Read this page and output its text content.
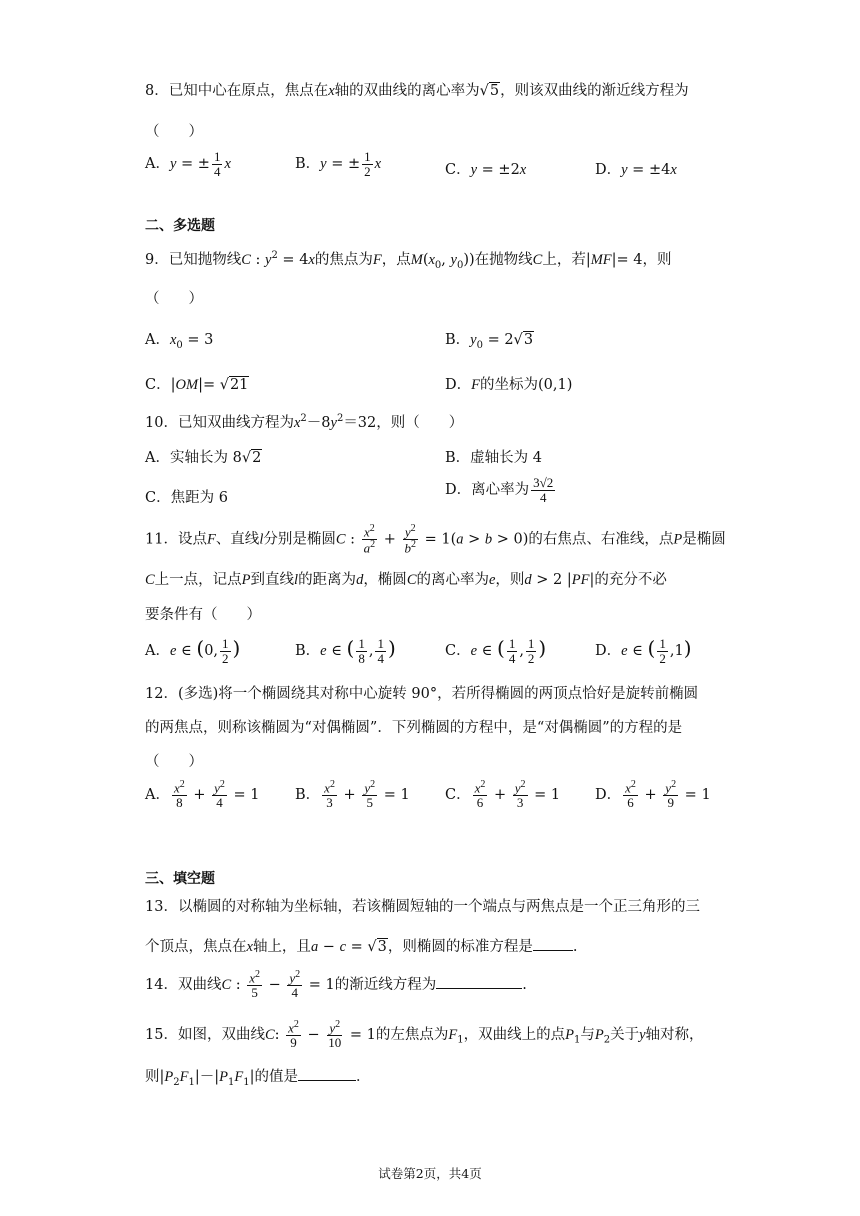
8．已知中心在原点，焦点在x轴的双曲线的离心率为√5，则该双曲线的渐近线方程为
（　　）
A．y = ± $\frac{1}{4}$ x	B．y = ± $\frac{1}{2}$ x	C．y = ±2x	D．y = ±4x
二、多选题
9．已知抛物线C : $y^2 = 4x$的焦点为F，点$M(x_0$, $y_0$))在抛物线C上，若|MF|= 4，则
（　　）
A．$x_0 = 3$	B．$y_0 = 2√3$
C．|OM|= √21	D．F的坐标为(0,1)
10．已知双曲线方程为$x^2-8y^2=32$，则（　　）
A．实轴长为 8√2	B．虚轴长为 4
C．焦距为 6	D．离心率为 $\frac{3√2}{4}$
11．设点F、直线l分别是椭圆C : $\frac{x^2}{a^2} + \frac{y^2}{b^2} = 1(a > b > 0)$的右焦点、右准线，点P是椭圆
C上一点，记点P到直线l的距离为d，椭圆C的离心率为e，则d > 2 |PF|的充分不必
要条件有（　　）
A．e ∈ (0, $\frac{1}{2}$ )	B．e ∈ ( $\frac{1}{8}$ , $\frac{1}{4}$ )	C．e ∈ ( $\frac{1}{4}$ , $\frac{1}{2}$ )	D．e ∈ ( $\frac{1}{2} ,1$)
12．(多选)将一个椭圆绕其对称中心旋转 90°，若所得椭圆的两顶点恰好是旋转前椭圆
的两焦点，则称该椭圆为“对偶椭圆”．下列椭圆的方程中，是“对偶椭圆”的方程的是
（　　）
A． $\frac{x^2}{8} + \frac{y^2}{4} = 1$ B． $\frac{x^2}{3} + \frac{y^2}{5} = 1$ C． $\frac{x^2}{6} + \frac{y^2}{3} = 1$ D． $\frac{x^2}{6} + \frac{y^2}{9} = 1$
三、填空题
13．以椭圆的对称轴为坐标轴，若该椭圆短轴的一个端点与两焦点是一个正三角形的三
个顶点，焦点在x轴上，且a − c = √3，则椭圆的标准方程是	.
14．双曲线C : $\frac{x^2}{5} - \frac{y^2}{4} = 1$的渐近线方程为	.
15．如图，双曲线C: $\frac{x^2}{9} - \frac{y^2}{10} = 1$的左焦点为$F_1$，双曲线上的点$P_1$与$P_2$关于y轴对称，
则$|P_2F_1|-|P_1F_1|$的值是	．
试卷第2页，共4页
